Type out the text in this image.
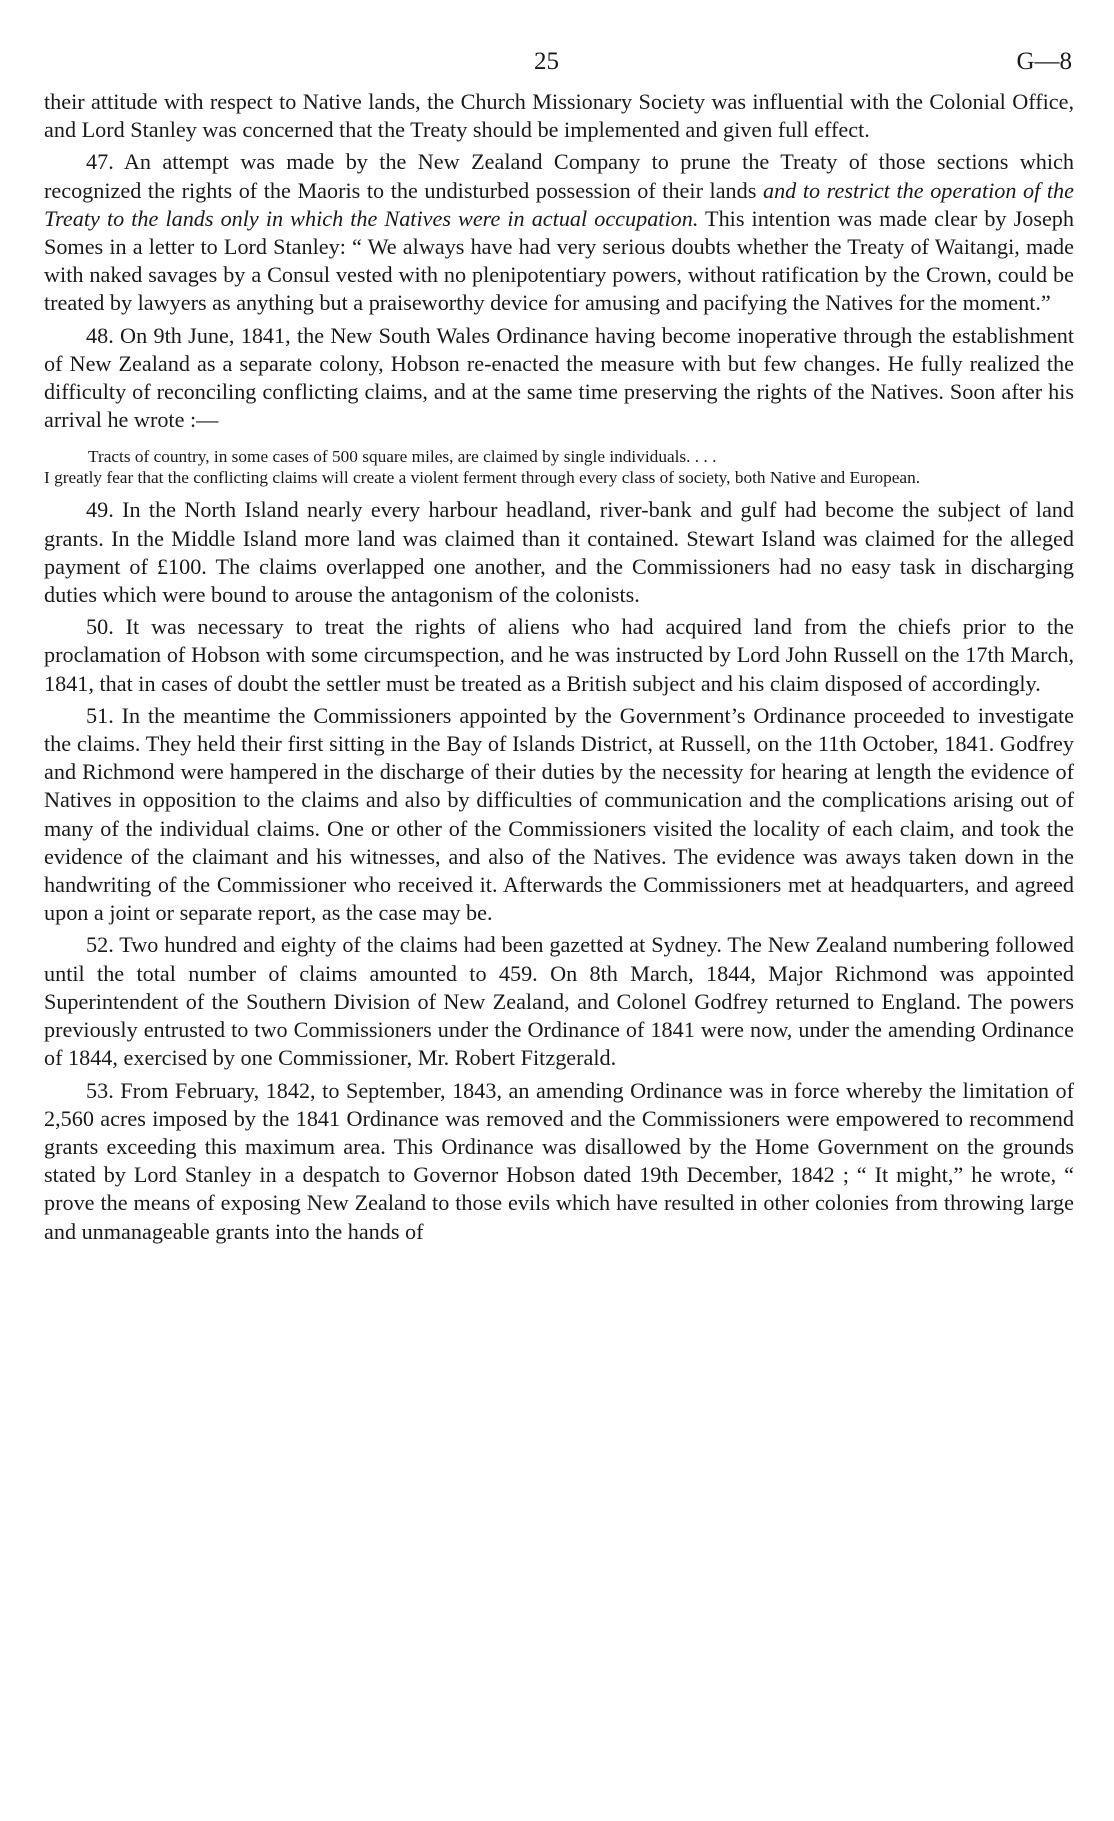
25	G—8

their attitude with respect to Native lands, the Church Missionary Society was influential with the Colonial Office, and Lord Stanley was concerned that the Treaty should be implemented and given full effect.

47. An attempt was made by the New Zealand Company to prune the Treaty of those sections which recognized the rights of the Maoris to the undisturbed possession of their lands and to restrict the operation of the Treaty to the lands only in which the Natives were in actual occupation. This intention was made clear by Joseph Somes in a letter to Lord Stanley: “ We always have had very serious doubts whether the Treaty of Waitangi, made with naked savages by a Consul vested with no plenipotentiary powers, without ratification by the Crown, could be treated by lawyers as anything but a praiseworthy device for amusing and pacifying the Natives for the moment.”

48. On 9th June, 1841, the New South Wales Ordinance having become inoperative through the establishment of New Zealand as a separate colony, Hobson re-enacted the measure with but few changes. He fully realized the difficulty of reconciling conflicting claims, and at the same time preserving the rights of the Natives. Soon after his arrival he wrote :—

Tracts of country, in some cases of 500 square miles, are claimed by single individuals. . . .
I greatly fear that the conflicting claims will create a violent ferment through every class of society, both Native and European.

49. In the North Island nearly every harbour headland, river-bank and gulf had become the subject of land grants. In the Middle Island more land was claimed than it contained. Stewart Island was claimed for the alleged payment of £100. The claims overlapped one another, and the Commissioners had no easy task in discharging duties which were bound to arouse the antagonism of the colonists.

50. It was necessary to treat the rights of aliens who had acquired land from the chiefs prior to the proclamation of Hobson with some circumspection, and he was instructed by Lord John Russell on the 17th March, 1841, that in cases of doubt the settler must be treated as a British subject and his claim disposed of accordingly.

51. In the meantime the Commissioners appointed by the Government’s Ordinance proceeded to investigate the claims. They held their first sitting in the Bay of Islands District, at Russell, on the 11th October, 1841. Godfrey and Richmond were hampered in the discharge of their duties by the necessity for hearing at length the evidence of Natives in opposition to the claims and also by difficulties of communication and the complications arising out of many of the individual claims. One or other of the Commissioners visited the locality of each claim, and took the evidence of the claimant and his witnesses, and also of the Natives. The evidence was aways taken down in the handwriting of the Commissioner who received it. Afterwards the Commissioners met at headquarters, and agreed upon a joint or separate report, as the case may be.

52. Two hundred and eighty of the claims had been gazetted at Sydney. The New Zealand numbering followed until the total number of claims amounted to 459. On 8th March, 1844, Major Richmond was appointed Superintendent of the Southern Division of New Zealand, and Colonel Godfrey returned to England. The powers previously entrusted to two Commissioners under the Ordinance of 1841 were now, under the amending Ordinance of 1844, exercised by one Commissioner, Mr. Robert Fitzgerald.

53. From February, 1842, to September, 1843, an amending Ordinance was in force whereby the limitation of 2,560 acres imposed by the 1841 Ordinance was removed and the Commissioners were empowered to recommend grants exceeding this maximum area. This Ordinance was disallowed by the Home Government on the grounds stated by Lord Stanley in a despatch to Governor Hobson dated 19th December, 1842 ; “ It might,” he wrote, “ prove the means of exposing New Zealand to those evils which have resulted in other colonies from throwing large and unmanageable grants into the hands of
